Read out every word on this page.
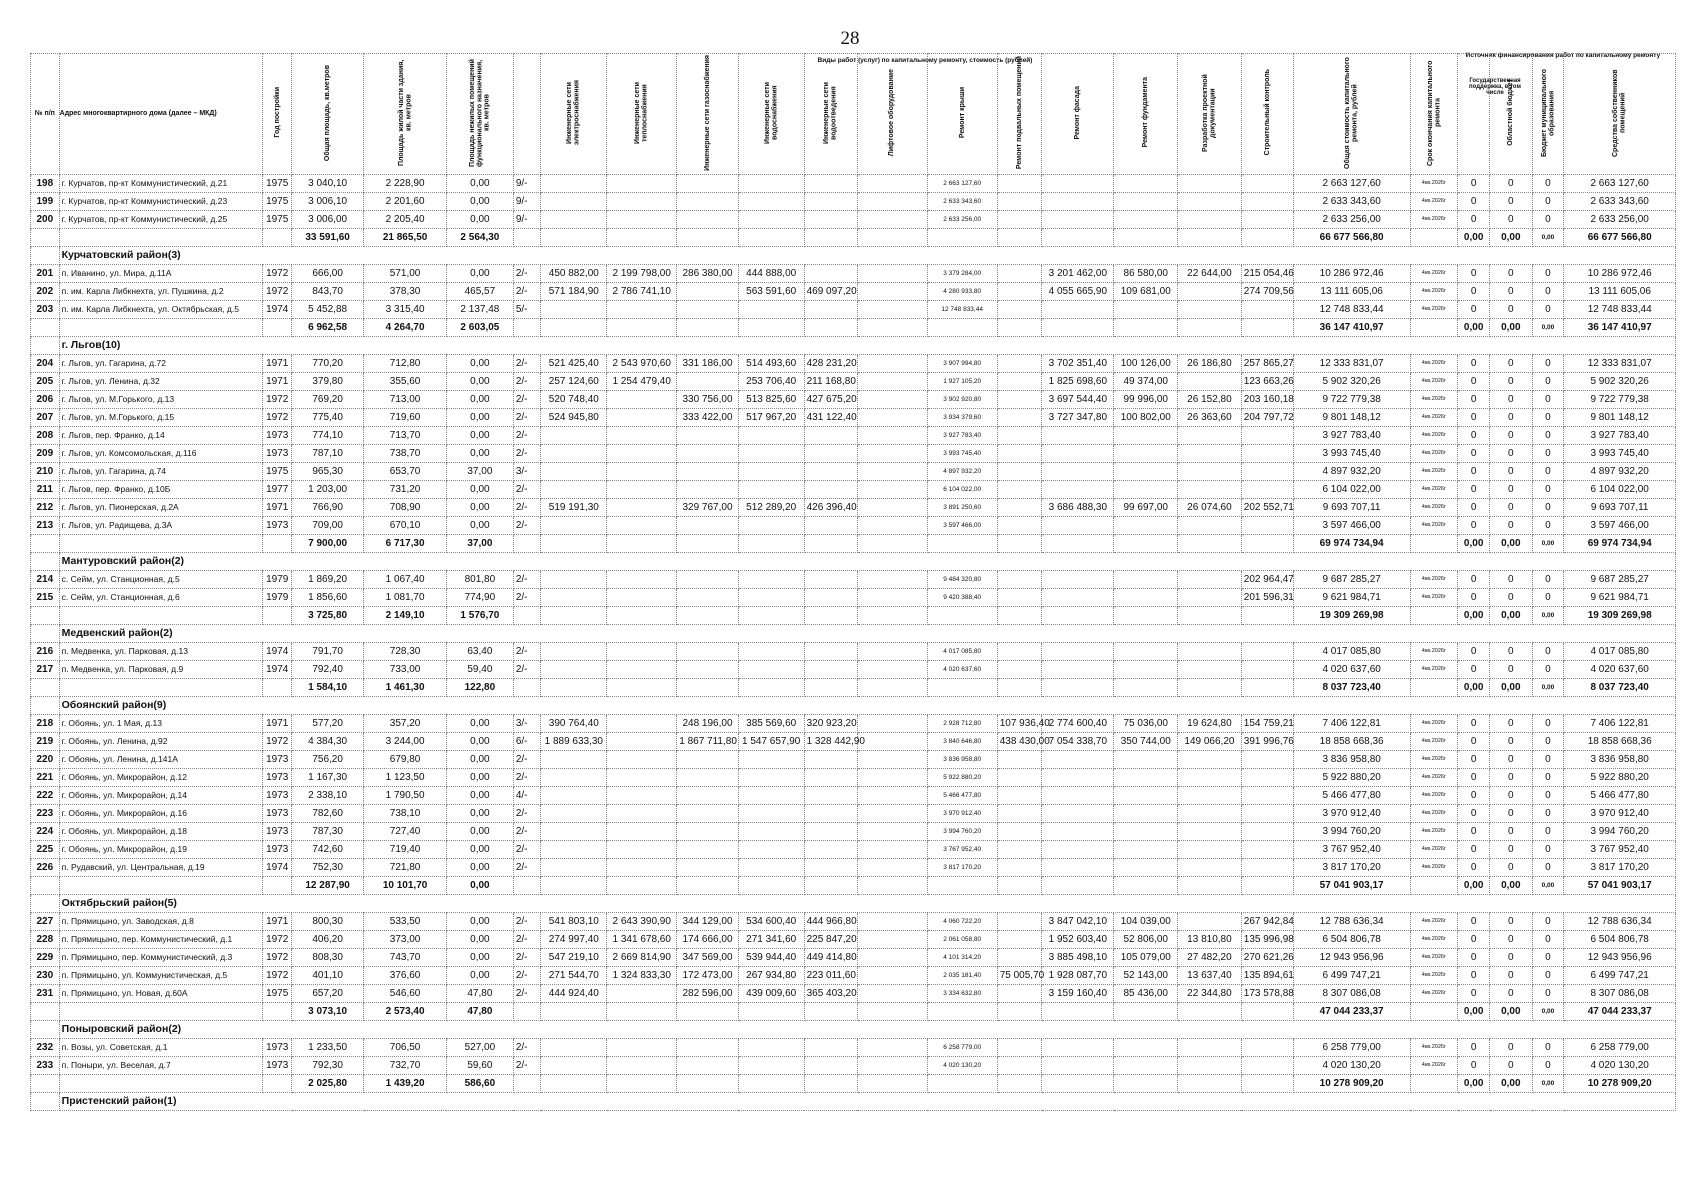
28
Виды работ (услуг) по капитальному ремонту, стоимость (рублей)
Источник финансирования работ по капитальному ремонту
Государственная поддержка, в том числе
№ п/п	Адрес многоквартирного дома (далее – МКД)	Год постройки	Общая площадь, кв.метров	Площадь жилой части здания, кв. метров	Площадь нежилых помещений функционального назначения, кв. метров		Инженерные сети электроснабжения	Инженерные сети теплоснабжения	Инженерные сети газоснабжения	Инженерные сети водоснабжения	Инженерные сети водоотведения	Лифтовое оборудование	Ремонт крыши	Ремонт подвальных помещений	Ремонт фасада	Ремонт фундамента	Разработка проектной документации	Строительный контроль	Общая стоимость капитального ремонта, рублей	Срок окончания капитального ремонта		Областной бюджет	Бюджет муниципального образования	Средства собственников помещений
198	г. Курчатов, пр-кт Коммунистический, д.21	1975	3 040,10	2 228,90	0,00	9/-							2 663 127,60						2 663 127,60	4кв.2026г	0	0	0	2 663 127,60
199	г. Курчатов, пр-кт Коммунистический, д.23	1975	3 006,10	2 201,60	0,00	9/-							2 633 343,60						2 633 343,60	4кв.2026г	0	0	0	2 633 343,60
200	г. Курчатов, пр-кт Коммунистический, д.25	1975	3 006,00	2 205,40	0,00	9/-							2 633 256,00						2 633 256,00	4кв.2026г	0	0	0	2 633 256,00
			33 591,60	21 865,50	2 564,30														66 677 566,80		0,00	0,00	0,00	66 677 566,80
	Курчатовский район(3)																							
201	п. Иванино, ул. Мира, д.11А	1972	666,00	571,00	0,00	2/-	450 882,00	2 199 798,00	286 380,00	444 888,00			3 379 284,00		3 201 462,00	86 580,00	22 644,00	215 054,46	10 286 972,46	4кв.2026г	0	0	0	10 286 972,46
202	п. им. Карла Либкнехта, ул. Пушкина, д.2	1972	843,70	378,30	465,57	2/-	571 184,90	2 786 741,10		563 591,60	469 097,20		4 280 933,80		4 055 665,90	109 681,00		274 709,56	13 111 605,06	4кв.2026г	0	0	0	13 111 605,06
203	п. им. Карла Либкнехта, ул. Октябрьская, д.5	1974	5 452,88	3 315,40	2 137,48	5/-							12 748 833,44						12 748 833,44	4кв.2026г	0	0	0	12 748 833,44
			6 962,58	4 264,70	2 603,05														36 147 410,97		0,00	0,00	0,00	36 147 410,97
	г. Льгов(10)																							
204	г. Льгов, ул. Гагарина, д.72	1971	770,20	712,80	0,00	2/-	521 425,40	2 543 970,60	331 186,00	514 493,60	428 231,20		3 907 994,80		3 702 351,40	100 126,00	26 186,80	257 865,27	12 333 831,07	4кв.2026г	0	0	0	12 333 831,07
205	г. Льгов, ул. Ленина, д.32	1971	379,80	355,60	0,00	2/-	257 124,60	1 254 479,40		253 706,40	211 168,80		1 927 105,20		1 825 698,60	49 374,00		123 663,26	5 902 320,26	4кв.2026г	0	0	0	5 902 320,26
206	г. Льгов, ул. М.Горького, д.13	1972	769,20	713,00	0,00	2/-	520 748,40		330 756,00	513 825,60	427 675,20		3 902 920,80		3 697 544,40	99 996,00	26 152,80	203 160,18	9 722 779,38	4кв.2026г	0	0	0	9 722 779,38
207	г. Льгов, ул. М.Горького, д.15	1972	775,40	719,60	0,00	2/-	524 945,80		333 422,00	517 967,20	431 122,40		3 934 379,60		3 727 347,80	100 802,00	26 363,60	204 797,72	9 801 148,12	4кв.2026г	0	0	0	9 801 148,12
208	г. Льгов, пер. Франко, д.14	1973	774,10	713,70	0,00	2/-							3 927 783,40						3 927 783,40	4кв.2026г	0	0	0	3 927 783,40
209	г. Льгов, ул. Комсомольская, д.116	1973	787,10	738,70	0,00	2/-							3 993 745,40						3 993 745,40	4кв.2026г	0	0	0	3 993 745,40
210	г. Льгов, ул. Гагарина, д.74	1975	965,30	653,70	37,00	3/-							4 897 932,20						4 897 932,20	4кв.2026г	0	0	0	4 897 932,20
211	г. Льгов, пер. Франко, д.10Б	1977	1 203,00	731,20	0,00	2/-							6 104 022,00						6 104 022,00	4кв.2026г	0	0	0	6 104 022,00
212	г. Льгов, ул. Пионерская, д.2А	1971	766,90	708,90	0,00	2/-	519 191,30		329 767,00	512 289,20	426 396,40		3 891 250,60		3 686 488,30	99 697,00	26 074,60	202 552,71	9 693 707,11	4кв.2026г	0	0	0	9 693 707,11
213	г. Льгов, ул. Радищева, д.3А	1973	709,00	670,10	0,00	2/-							3 597 466,00						3 597 466,00	4кв.2026г	0	0	0	3 597 466,00
			7 900,00	6 717,30	37,00														69 974 734,94		0,00	0,00	0,00	69 974 734,94
	Мантуровский район(2)																							
214	с. Сейм, ул. Станционная, д.5	1979	1 869,20	1 067,40	801,80	2/-							9 484 320,80					202 964,47	9 687 285,27	4кв.2026г	0	0	0	9 687 285,27
215	с. Сейм, ул. Станционная, д.6	1979	1 856,60	1 081,70	774,90	2/-							9 420 388,40					201 596,31	9 621 984,71	4кв.2026г	0	0	0	9 621 984,71
			3 725,80	2 149,10	1 576,70														19 309 269,98		0,00	0,00	0,00	19 309 269,98
	Медвенский район(2)																							
216	п. Медвенка, ул. Парковая, д.13	1974	791,70	728,30	63,40	2/-							4 017 085,80						4 017 085,80	4кв.2026г	0	0	0	4 017 085,80
217	п. Медвенка, ул. Парковая, д.9	1974	792,40	733,00	59,40	2/-							4 020 637,60						4 020 637,60	4кв.2026г	0	0	0	4 020 637,60
			1 584,10	1 461,30	122,80														8 037 723,40		0,00	0,00	0,00	8 037 723,40
	Обоянский район(9)																							
218	г. Обоянь, ул. 1 Мая, д.13	1971	577,20	357,20	0,00	3/-	390 764,40		248 196,00	385 569,60	320 923,20		2 928 712,80	107 936,40	2 774 600,40	75 036,00	19 624,80	154 759,21	7 406 122,81	4кв.2026г	0	0	0	7 406 122,81
219	г. Обоянь, ул. Ленина, д.92	1972	4 384,30	3 244,00	0,00	6/-	1 889 633,30		1 867 711,80	1 547 657,90	1 328 442,90		3 840 646,80	438 430,00	7 054 338,70	350 744,00	149 066,20	391 996,76	18 858 668,36	4кв.2026г	0	0	0	18 858 668,36
220	г. Обоянь, ул. Ленина, д.141А	1973	756,20	679,80	0,00	2/-							3 836 958,80						3 836 958,80	4кв.2026г	0	0	0	3 836 958,80
221	г. Обоянь, ул. Микрорайон, д.12	1973	1 167,30	1 123,50	0,00	2/-							5 922 880,20						5 922 880,20	4кв.2026г	0	0	0	5 922 880,20
222	г. Обоянь, ул. Микрорайон, д.14	1973	2 338,10	1 790,50	0,00	4/-							5 466 477,80						5 466 477,80	4кв.2026г	0	0	0	5 466 477,80
223	г. Обоянь, ул. Микрорайон, д.16	1973	782,60	738,10	0,00	2/-							3 970 912,40						3 970 912,40	4кв.2026г	0	0	0	3 970 912,40
224	г. Обоянь, ул. Микрорайон, д.18	1973	787,30	727,40	0,00	2/-							3 994 760,20						3 994 760,20	4кв.2026г	0	0	0	3 994 760,20
225	г. Обоянь, ул. Микрорайон, д.19	1973	742,60	719,40	0,00	2/-							3 767 952,40						3 767 952,40	4кв.2026г	0	0	0	3 767 952,40
226	п. Рудавский, ул. Центральная, д.19	1974	752,30	721,80	0,00	2/-							3 817 170,20						3 817 170,20	4кв.2026г	0	0	0	3 817 170,20
			12 287,90	10 101,70	0,00														57 041 903,17		0,00	0,00	0,00	57 041 903,17
	Октябрьский район(5)																							
227	п. Прямицыно, ул. Заводская, д.8	1971	800,30	533,50	0,00	2/-	541 803,10	2 643 390,90	344 129,00	534 600,40	444 966,80		4 060 722,20		3 847 042,10	104 039,00		267 942,84	12 788 636,34	4кв.2026г	0	0	0	12 788 636,34
228	п. Прямицыно, пер. Коммунистический, д.1	1972	406,20	373,00	0,00	2/-	274 997,40	1 341 678,60	174 666,00	271 341,60	225 847,20		2 061 058,80		1 952 603,40	52 806,00	13 810,80	135 996,98	6 504 806,78	4кв.2026г	0	0	0	6 504 806,78
229	п. Прямицыно, пер. Коммунистический, д.3	1972	808,30	743,70	0,00	2/-	547 219,10	2 669 814,90	347 569,00	539 944,40	449 414,80		4 101 314,20		3 885 498,10	105 079,00	27 482,20	270 621,26	12 943 956,96	4кв.2026г	0	0	0	12 943 956,96
230	п. Прямицыно, ул. Коммунистическая, д.5	1972	401,10	376,60	0,00	2/-	271 544,70	1 324 833,30	172 473,00	267 934,80	223 011,60		2 035 181,40	75 005,70	1 928 087,70	52 143,00	13 637,40	135 894,61	6 499 747,21	4кв.2026г	0	0	0	6 499 747,21
231	п. Прямицыно, ул. Новая, д.60А	1975	657,20	546,60	47,80	2/-	444 924,40		282 596,00	439 009,60	365 403,20		3 334 632,80		3 159 160,40	85 436,00	22 344,80	173 578,88	8 307 086,08	4кв.2026г	0	0	0	8 307 086,08
			3 073,10	2 573,40	47,80														47 044 233,37		0,00	0,00	0,00	47 044 233,37
	Поныровский район(2)																							
232	п. Возы, ул. Советская, д.1	1973	1 233,50	706,50	527,00	2/-							6 258 779,00						6 258 779,00	4кв.2026г	0	0	0	6 258 779,00
233	п. Поныри, ул. Веселая, д.7	1973	792,30	732,70	59,60	2/-							4 020 130,20						4 020 130,20	4кв.2026г	0	0	0	4 020 130,20
			2 025,80	1 439,20	586,60														10 278 909,20		0,00	0,00	0,00	10 278 909,20
	Пристенский район(1)																							
